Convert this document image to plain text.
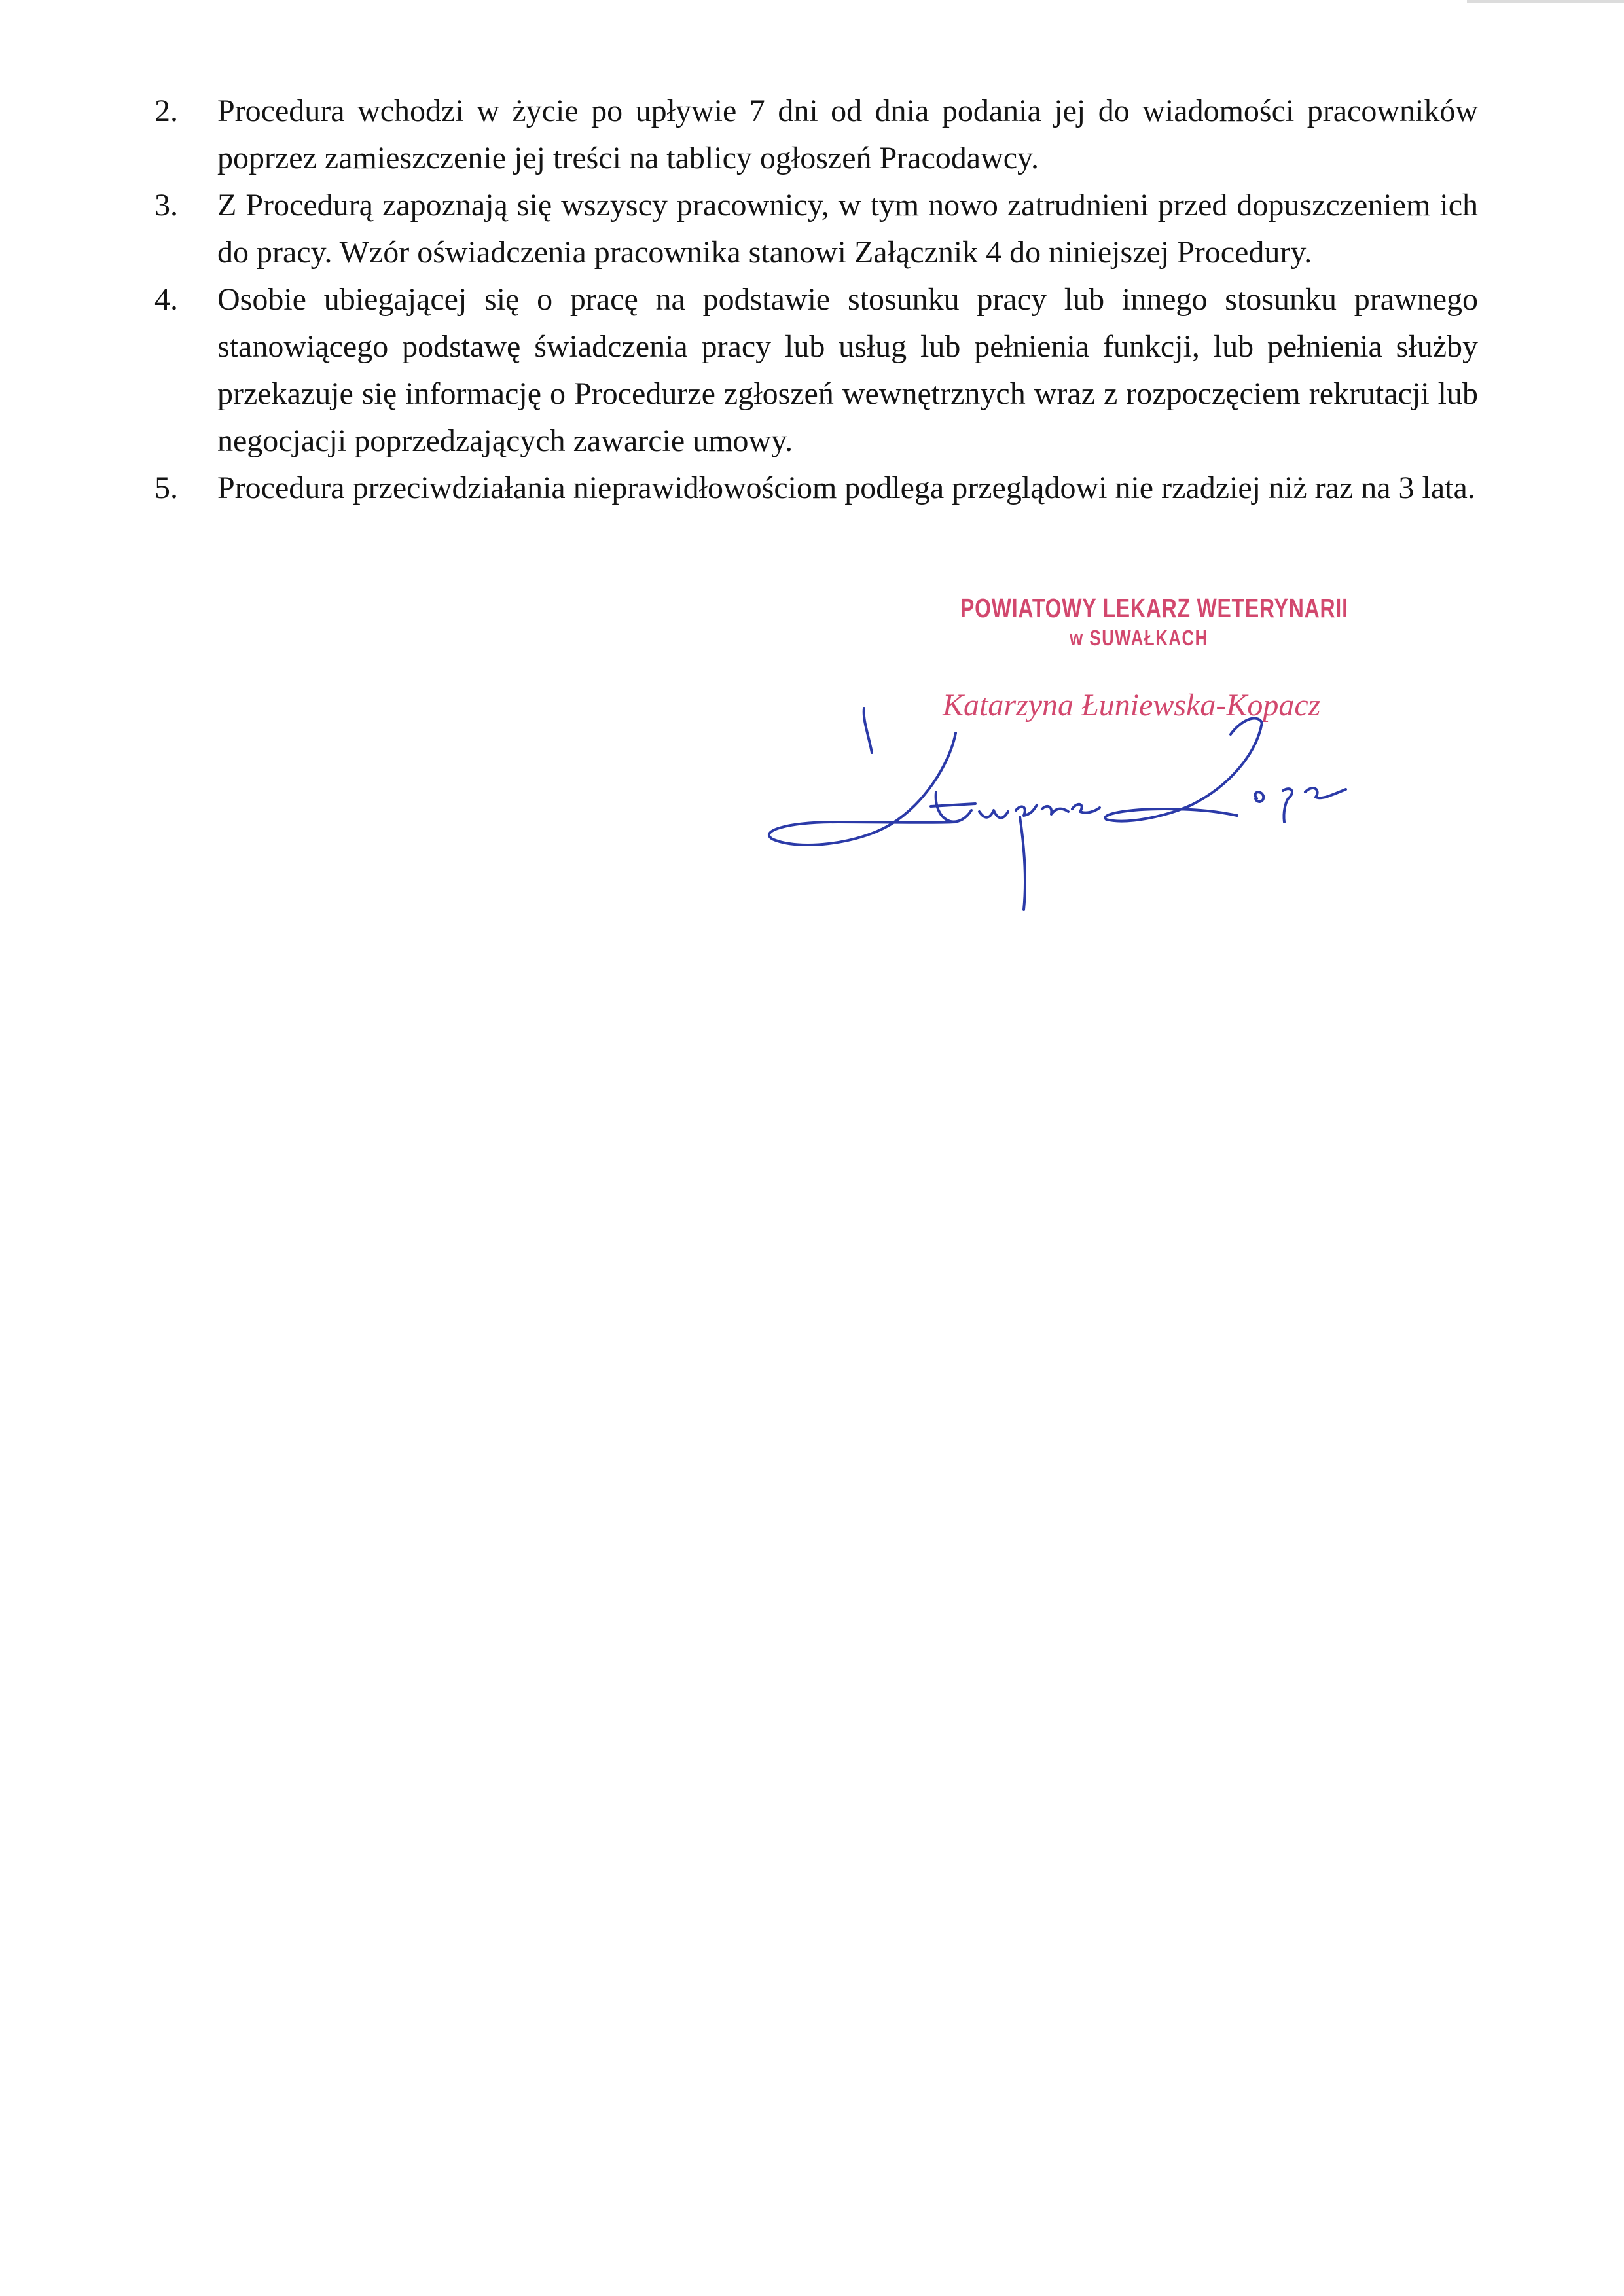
2.	Procedura wchodzi w życie po upływie 7 dni od dnia podania jej do wiadomości pracowników poprzez zamieszczenie jej treści na tablicy ogłoszeń Pracodawcy.
3.	Z Procedurą zapoznają się wszyscy pracownicy, w tym nowo zatrudnieni przed dopuszczeniem ich do pracy. Wzór oświadczenia pracownika stanowi Załącznik 4 do niniejszej Procedury.
4.	Osobie ubiegającej się o pracę na podstawie stosunku pracy lub innego stosunku prawnego stanowiącego podstawę świadczenia pracy lub usług lub pełnienia funkcji, lub pełnienia służby przekazuje się informację o Procedurze zgłoszeń wewnętrznych wraz z rozpoczęciem rekrutacji lub negocjacji poprzedzających zawarcie umowy.
5.	Procedura przeciwdziałania nieprawidłowościom podlega przeglądowi nie rzadziej niż raz na 3 lata.
POWIATOWY LEKARZ WETERYNARII
w SUWAŁKACH
Katarzyna Łuniewska-Kopacz
